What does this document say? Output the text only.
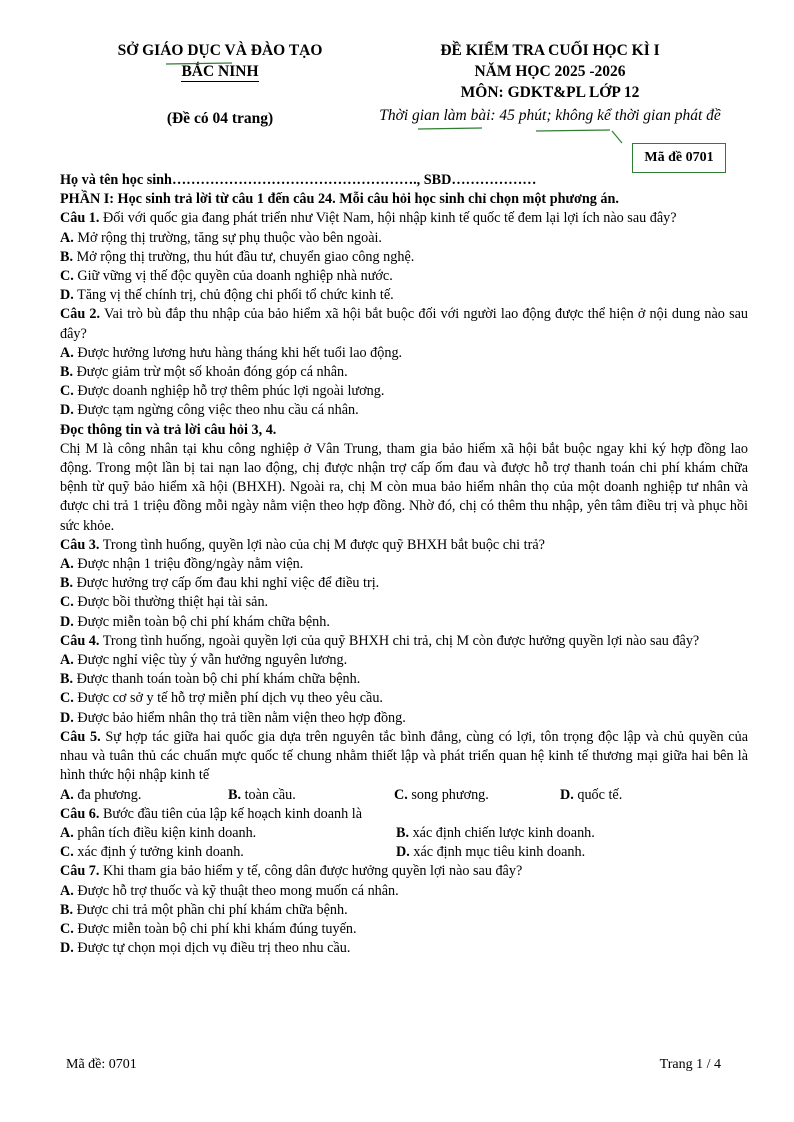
SỞ GIÁO DỤC VÀ ĐÀO TẠO
BẮC NINH
(Đề có 04 trang)
ĐỀ KIỂM TRA CUỐI HỌC KÌ I
NĂM HỌC 2025 -2026
MÔN: GDKT&PL LỚP 12
Thời gian làm bài: 45 phút; không kể thời gian phát đề
Mã đề 0701

Họ và tên học sinh……………………………………………., SBD………………

PHẦN I: Học sinh trả lời từ câu 1 đến câu 24. Mỗi câu hỏi học sinh chỉ chọn một phương án.

Câu 1. Đối với quốc gia đang phát triển như Việt Nam, hội nhập kinh tế quốc tế đem lại lợi ích nào sau đây?

A. Mở rộng thị trường, tăng sự phụ thuộc vào bên ngoài.

B. Mở rộng thị trường, thu hút đầu tư, chuyển giao công nghệ.

C. Giữ vững vị thế độc quyền của doanh nghiệp nhà nước.

D. Tăng vị thế chính trị, chủ động chi phối tổ chức kinh tế.

Câu 2. Vai trò bù đắp thu nhập của bảo hiểm xã hội bắt buộc đối với người lao động được thể hiện ở nội dung nào sau đây?

A. Được hưởng lương hưu hàng tháng khi hết tuổi lao động.

B. Được giảm trừ một số khoản đóng góp cá nhân.

C. Được doanh nghiệp hỗ trợ thêm phúc lợi ngoài lương.

D. Được tạm ngừng công việc theo nhu cầu cá nhân.

Đọc thông tin và trả lời câu hỏi 3, 4.

Chị M là công nhân tại khu công nghiệp ở Vân Trung, tham gia bảo hiểm xã hội bắt buộc ngay khi ký hợp đồng lao động. Trong một lần bị tai nạn lao động, chị được nhận trợ cấp ốm đau và được hỗ trợ thanh toán chi phí khám chữa bệnh từ quỹ bảo hiểm xã hội (BHXH). Ngoài ra, chị M còn mua bảo hiểm nhân thọ của một doanh nghiệp tư nhân và được chi trả 1 triệu đồng mỗi ngày nằm viện theo hợp đồng. Nhờ đó, chị có thêm thu nhập, yên tâm điều trị và phục hồi sức khỏe.

Câu 3. Trong tình huống, quyền lợi nào của chị M được quỹ BHXH bắt buộc chi trả?

A. Được nhận 1 triệu đồng/ngày nằm viện.

B. Được hưởng trợ cấp ốm đau khi nghỉ việc để điều trị.

C. Được bồi thường thiệt hại tài sản.

D. Được miễn toàn bộ chi phí khám chữa bệnh.

Câu 4. Trong tình huống, ngoài quyền lợi của quỹ BHXH chi trả, chị M còn được hưởng quyền lợi nào sau đây?

A. Được nghỉ việc tùy ý vẫn hưởng nguyên lương.

B. Được thanh toán toàn bộ chi phí khám chữa bệnh.

C. Được cơ sở y tế hỗ trợ miễn phí dịch vụ theo yêu cầu.

D. Được bảo hiểm nhân thọ trả tiền nằm viện theo hợp đồng.

Câu 5. Sự hợp tác giữa hai quốc gia dựa trên nguyên tắc bình đẳng, cùng có lợi, tôn trọng độc lập và chủ quyền của nhau và tuân thủ các chuẩn mực quốc tế chung nhằm thiết lập và phát triển quan hệ kinh tế thương mại giữa hai bên là hình thức hội nhập kinh tế

A. đa phương.	B. toàn cầu.	C. song phương.	D. quốc tế.

Câu 6. Bước đầu tiên của lập kế hoạch kinh doanh là

A. phân tích điều kiện kinh doanh.	B. xác định chiến lược kinh doanh.
C. xác định ý tưởng kinh doanh.	D. xác định mục tiêu kinh doanh.

Câu 7. Khi tham gia bảo hiểm y tế, công dân được hưởng quyền lợi nào sau đây?

A. Được hỗ trợ thuốc và kỹ thuật theo mong muốn cá nhân.

B. Được chi trả một phần chi phí khám chữa bệnh.

C. Được miễn toàn bộ chi phí khi khám đúng tuyến.

D. Được tự chọn mọi dịch vụ điều trị theo nhu cầu.

Mã đề: 0701	Trang 1 / 4
